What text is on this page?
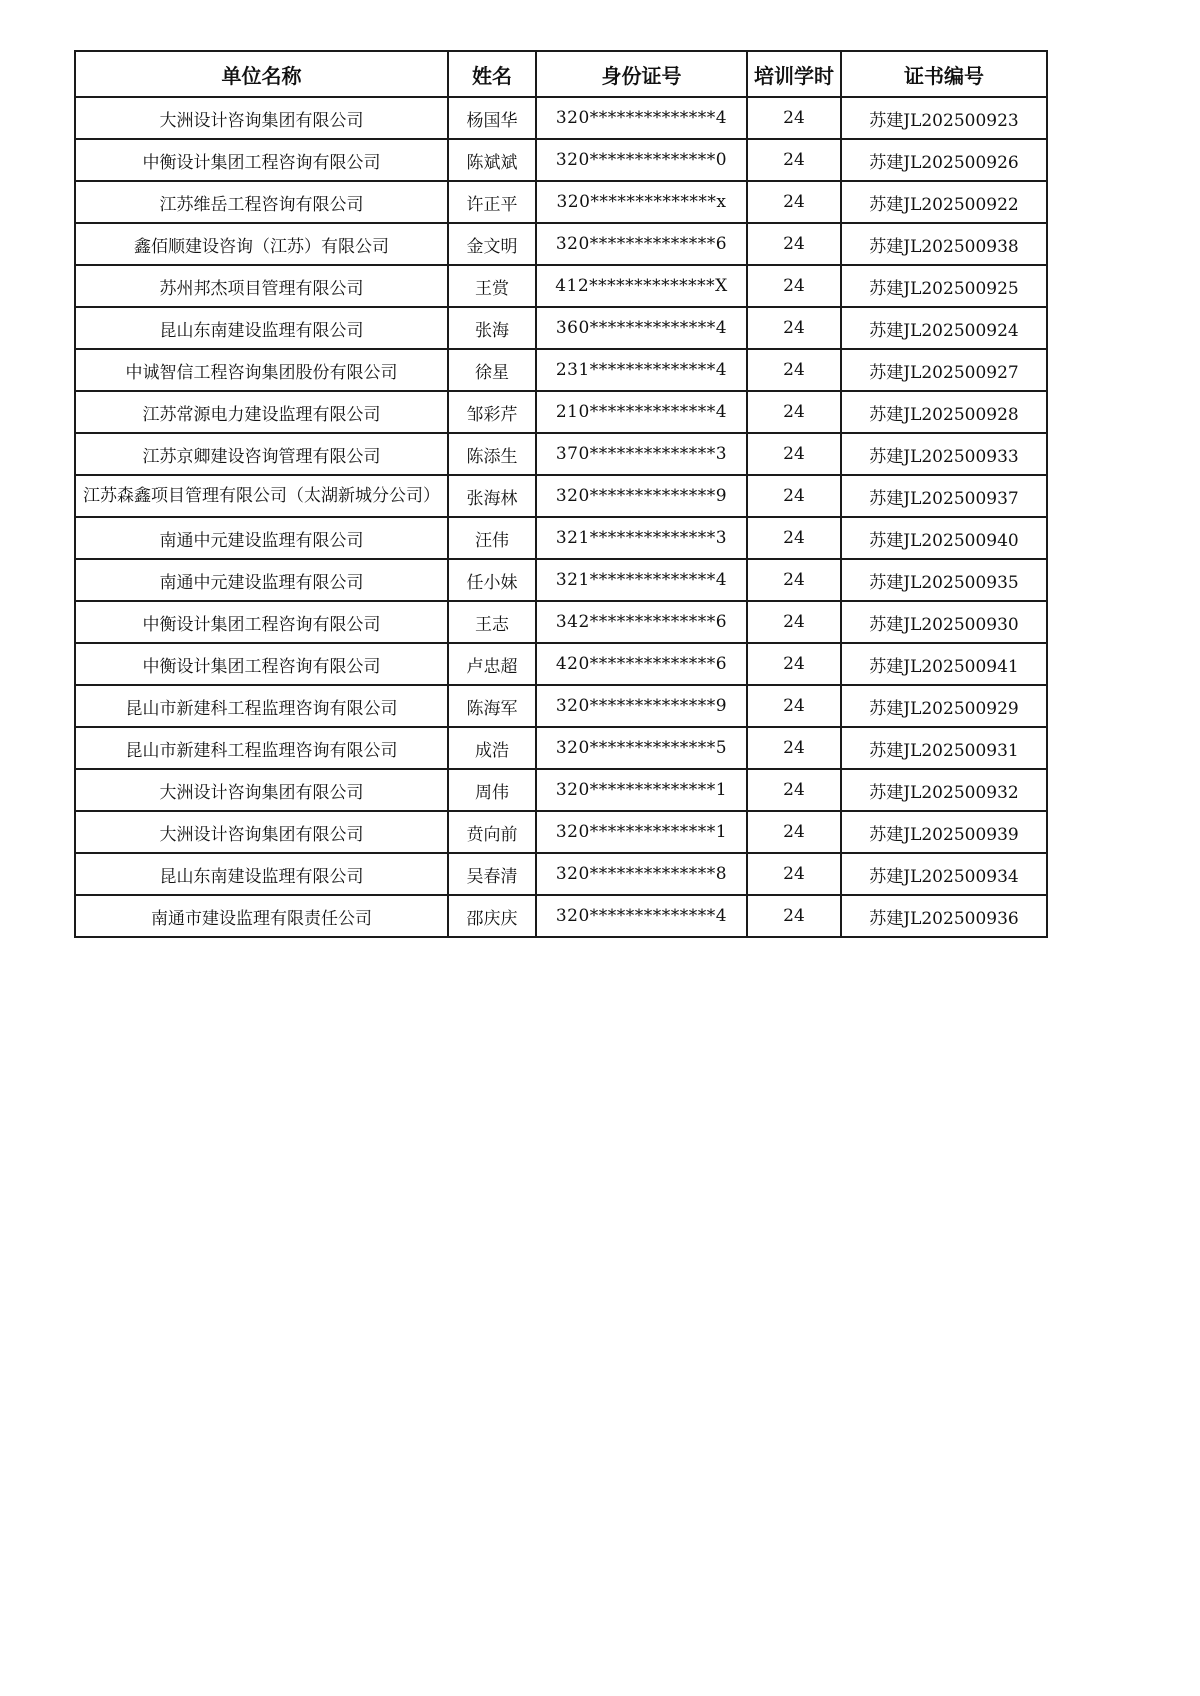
单位名称	姓名	身份证号	培训学时	证书编号
大洲设计咨询集团有限公司	杨国华	320**************4	24	苏建JL202500923
中衡设计集团工程咨询有限公司	陈斌斌	320**************0	24	苏建JL202500926
江苏维岳工程咨询有限公司	许正平	320**************x	24	苏建JL202500922
鑫佰顺建设咨询（江苏）有限公司	金文明	320**************6	24	苏建JL202500938
苏州邦杰项目管理有限公司	王赏	412**************X	24	苏建JL202500925
昆山东南建设监理有限公司	张海	360**************4	24	苏建JL202500924
中诚智信工程咨询集团股份有限公司	徐星	231**************4	24	苏建JL202500927
江苏常源电力建设监理有限公司	邹彩芹	210**************4	24	苏建JL202500928
江苏京卿建设咨询管理有限公司	陈添生	370**************3	24	苏建JL202500933
江苏森鑫项目管理有限公司（太湖新城分公司）	张海林	320**************9	24	苏建JL202500937
南通中元建设监理有限公司	汪伟	321**************3	24	苏建JL202500940
南通中元建设监理有限公司	任小妹	321**************4	24	苏建JL202500935
中衡设计集团工程咨询有限公司	王志	342**************6	24	苏建JL202500930
中衡设计集团工程咨询有限公司	卢忠超	420**************6	24	苏建JL202500941
昆山市新建科工程监理咨询有限公司	陈海军	320**************9	24	苏建JL202500929
昆山市新建科工程监理咨询有限公司	成浩	320**************5	24	苏建JL202500931
大洲设计咨询集团有限公司	周伟	320**************1	24	苏建JL202500932
大洲设计咨询集团有限公司	贲向前	320**************1	24	苏建JL202500939
昆山东南建设监理有限公司	吴春清	320**************8	24	苏建JL202500934
南通市建设监理有限责任公司	邵庆庆	320**************4	24	苏建JL202500936
